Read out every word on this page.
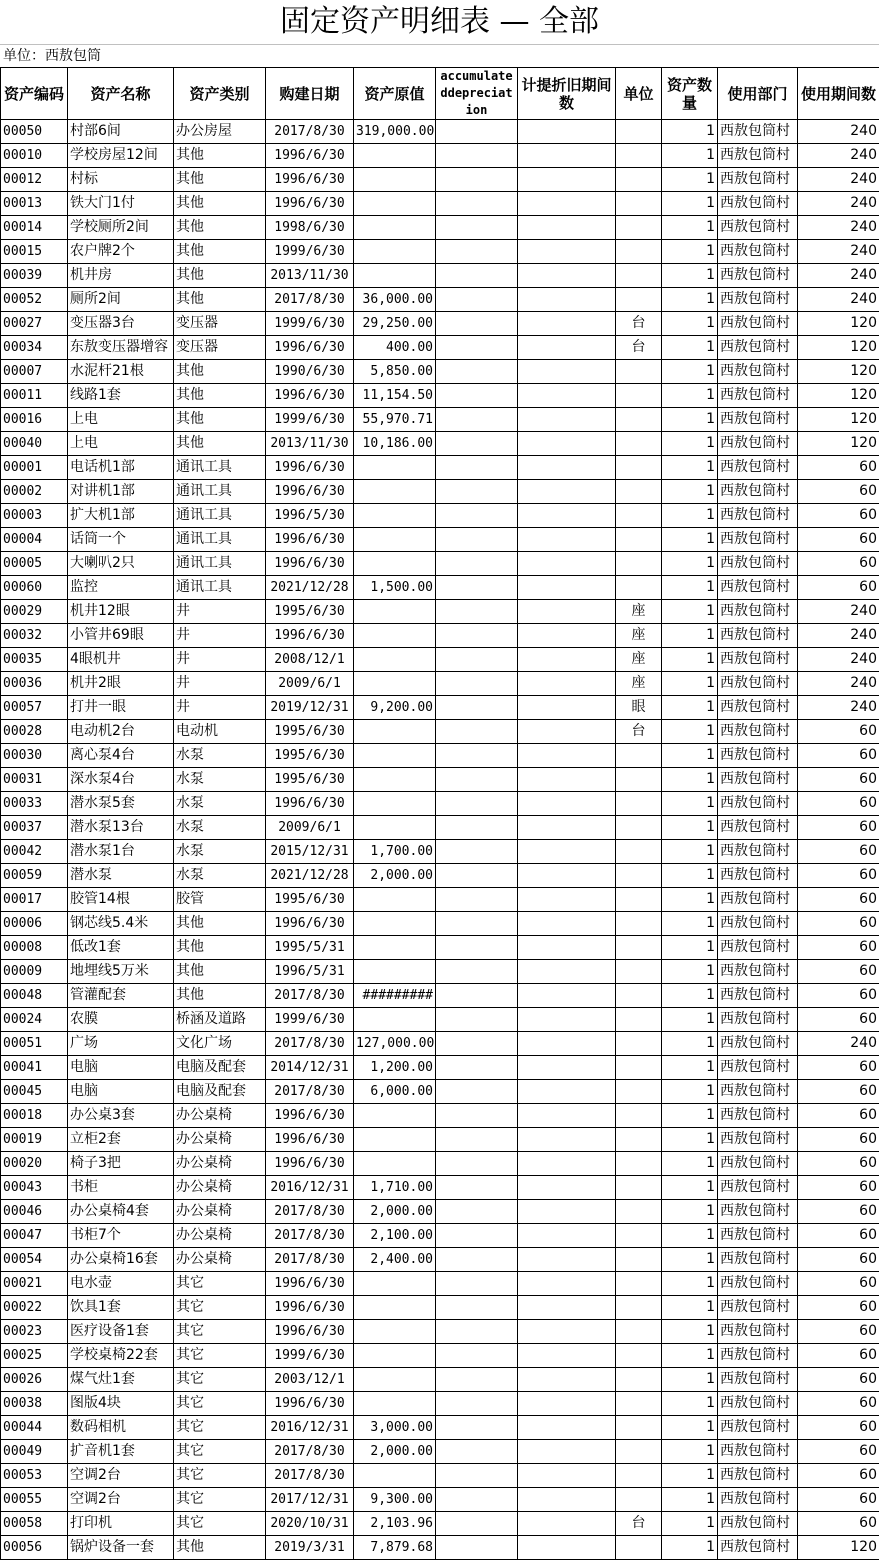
固定资产明细表 — 全部
单位：西敖包筒
资产编码	资产名称	资产类别	购建日期	资产原值	accumulateddepreciation	计提折旧期间数	单位	资产数量	使用部门	使用期间数
00050	村部6间	办公房屋	2017/8/30	319,000.00				1	西敖包筒村	240
00010	学校房屋12间	其他	1996/6/30					1	西敖包筒村	240
00012	村标	其他	1996/6/30					1	西敖包筒村	240
00013	铁大门1付	其他	1996/6/30					1	西敖包筒村	240
00014	学校厕所2间	其他	1998/6/30					1	西敖包筒村	240
00015	农户牌2个	其他	1999/6/30					1	西敖包筒村	240
00039	机井房	其他	2013/11/30					1	西敖包筒村	240
00052	厕所2间	其他	2017/8/30	36,000.00				1	西敖包筒村	240
00027	变压器3台	变压器	1999/6/30	29,250.00			台	1	西敖包筒村	120
00034	东敖变压器增容	变压器	1996/6/30	400.00			台	1	西敖包筒村	120
00007	水泥杆21根	其他	1990/6/30	5,850.00				1	西敖包筒村	120
00011	线路1套	其他	1996/6/30	11,154.50				1	西敖包筒村	120
00016	上电	其他	1999/6/30	55,970.71				1	西敖包筒村	120
00040	上电	其他	2013/11/30	10,186.00				1	西敖包筒村	120
00001	电话机1部	通讯工具	1996/6/30					1	西敖包筒村	60
00002	对讲机1部	通讯工具	1996/6/30					1	西敖包筒村	60
00003	扩大机1部	通讯工具	1996/5/30					1	西敖包筒村	60
00004	话筒一个	通讯工具	1996/6/30					1	西敖包筒村	60
00005	大喇叭2只	通讯工具	1996/6/30					1	西敖包筒村	60
00060	监控	通讯工具	2021/12/28	1,500.00				1	西敖包筒村	60
00029	机井12眼	井	1995/6/30				座	1	西敖包筒村	240
00032	小管井69眼	井	1996/6/30				座	1	西敖包筒村	240
00035	4眼机井	井	2008/12/1				座	1	西敖包筒村	240
00036	机井2眼	井	2009/6/1				座	1	西敖包筒村	240
00057	打井一眼	井	2019/12/31	9,200.00			眼	1	西敖包筒村	240
00028	电动机2台	电动机	1995/6/30				台	1	西敖包筒村	60
00030	离心泵4台	水泵	1995/6/30					1	西敖包筒村	60
00031	深水泵4台	水泵	1995/6/30					1	西敖包筒村	60
00033	潜水泵5套	水泵	1996/6/30					1	西敖包筒村	60
00037	潜水泵13台	水泵	2009/6/1					1	西敖包筒村	60
00042	潜水泵1台	水泵	2015/12/31	1,700.00				1	西敖包筒村	60
00059	潜水泵	水泵	2021/12/28	2,000.00				1	西敖包筒村	60
00017	胶管14根	胶管	1995/6/30					1	西敖包筒村	60
00006	钢芯线5.4米	其他	1996/6/30					1	西敖包筒村	60
00008	低改1套	其他	1995/5/31					1	西敖包筒村	60
00009	地埋线5万米	其他	1996/5/31					1	西敖包筒村	60
00048	管灌配套	其他	2017/8/30	#########				1	西敖包筒村	60
00024	农膜	桥涵及道路	1999/6/30					1	西敖包筒村	60
00051	广场	文化广场	2017/8/30	127,000.00				1	西敖包筒村	240
00041	电脑	电脑及配套	2014/12/31	1,200.00				1	西敖包筒村	60
00045	电脑	电脑及配套	2017/8/30	6,000.00				1	西敖包筒村	60
00018	办公桌3套	办公桌椅	1996/6/30					1	西敖包筒村	60
00019	立柜2套	办公桌椅	1996/6/30					1	西敖包筒村	60
00020	椅子3把	办公桌椅	1996/6/30					1	西敖包筒村	60
00043	书柜	办公桌椅	2016/12/31	1,710.00				1	西敖包筒村	60
00046	办公桌椅4套	办公桌椅	2017/8/30	2,000.00				1	西敖包筒村	60
00047	书柜7个	办公桌椅	2017/8/30	2,100.00				1	西敖包筒村	60
00054	办公桌椅16套	办公桌椅	2017/8/30	2,400.00				1	西敖包筒村	60
00021	电水壶	其它	1996/6/30					1	西敖包筒村	60
00022	饮具1套	其它	1996/6/30					1	西敖包筒村	60
00023	医疗设备1套	其它	1996/6/30					1	西敖包筒村	60
00025	学校桌椅22套	其它	1999/6/30					1	西敖包筒村	60
00026	煤气灶1套	其它	2003/12/1					1	西敖包筒村	60
00038	图版4块	其它	1996/6/30					1	西敖包筒村	60
00044	数码相机	其它	2016/12/31	3,000.00				1	西敖包筒村	60
00049	扩音机1套	其它	2017/8/30	2,000.00				1	西敖包筒村	60
00053	空调2台	其它	2017/8/30					1	西敖包筒村	60
00055	空调2台	其它	2017/12/31	9,300.00				1	西敖包筒村	60
00058	打印机	其它	2020/10/31	2,103.96			台	1	西敖包筒村	60
00056	锅炉设备一套	其他	2019/3/31	7,879.68				1	西敖包筒村	120
